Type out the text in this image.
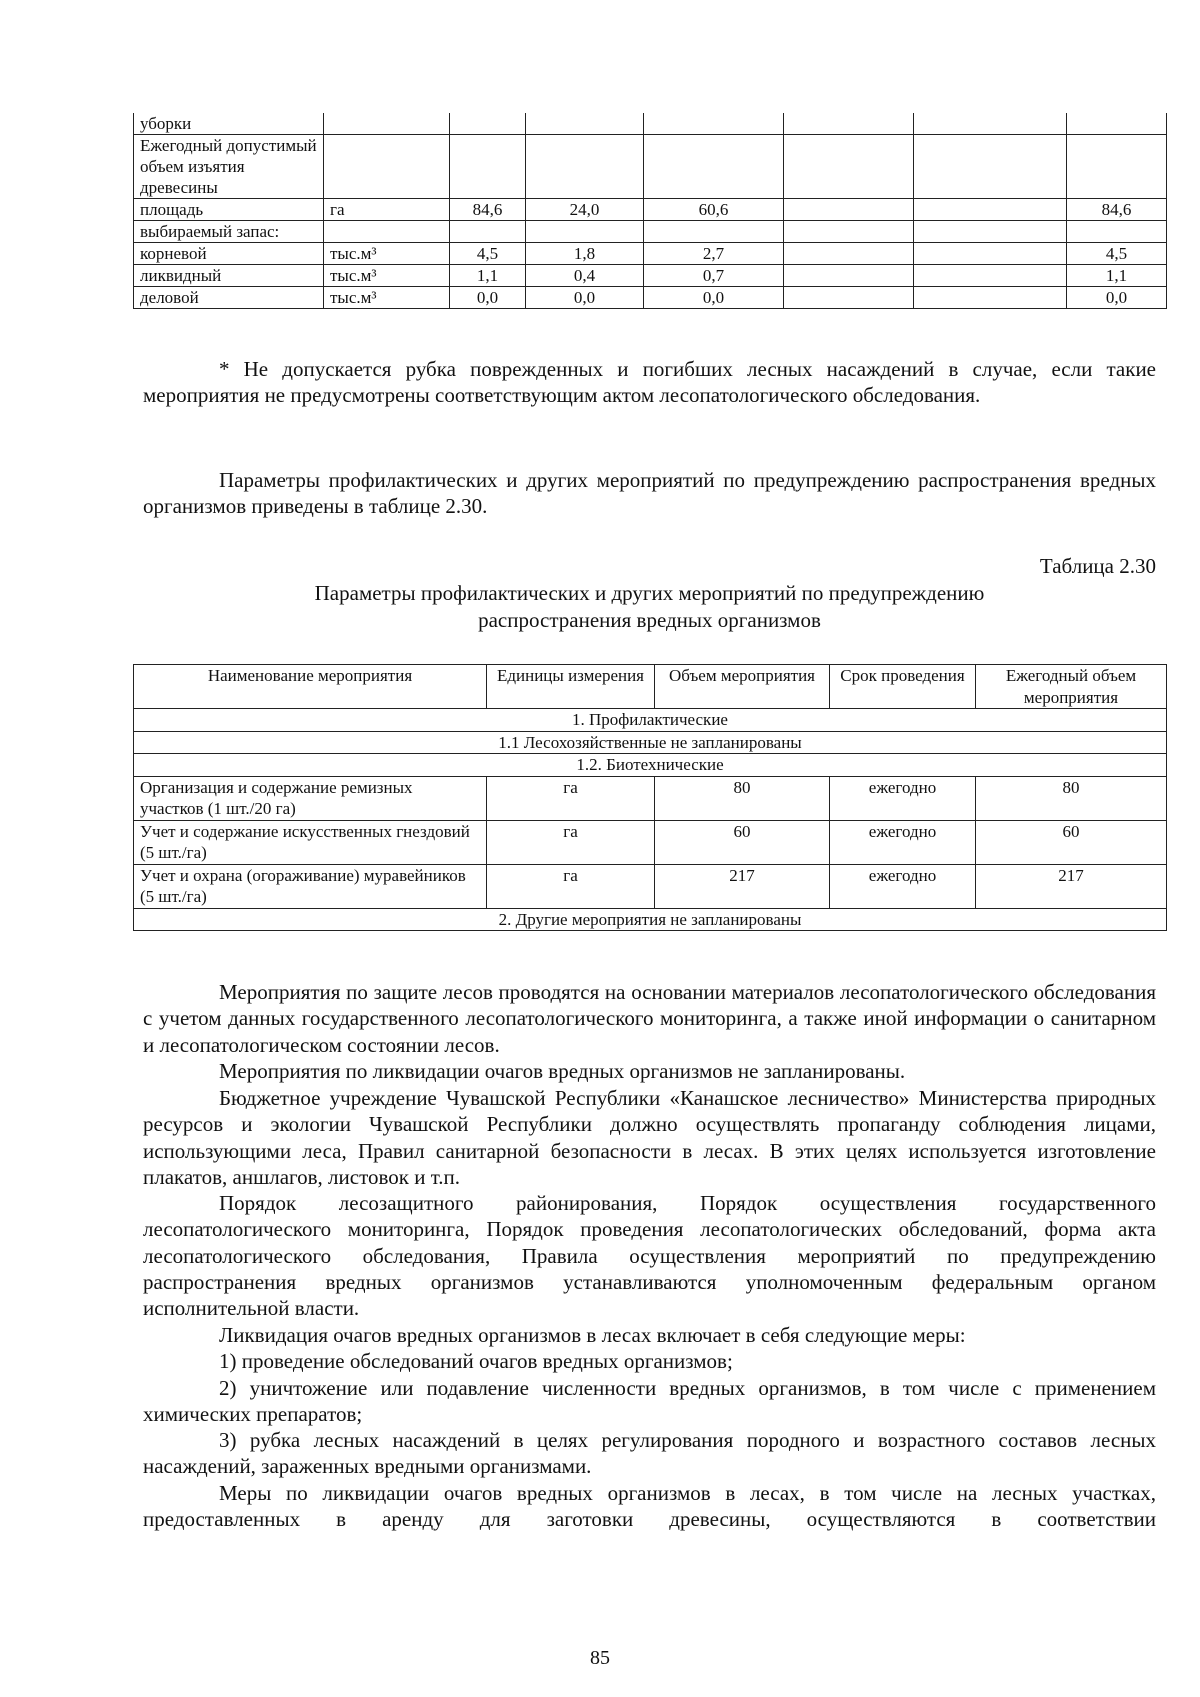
уборки							
Ежегодный допустимый объем изъятия древесины							
площадь	га	84,6	24,0	60,6			84,6
выбираемый запас:							
корневой	тыс.м³	4,5	1,8	2,7			4,5
ликвидный	тыс.м³	1,1	0,4	0,7			1,1
деловой	тыс.м³	0,0	0,0	0,0			0,0
* Не допускается рубка поврежденных и погибших лесных насаждений в случае, если такие мероприятия не предусмотрены соответствующим актом лесопатологического обследования.
Параметры профилактических и других мероприятий по предупреждению распространения вредных организмов приведены в таблице 2.30.
Таблица 2.30
Параметры профилактических и других мероприятий по предупреждению
распространения вредных организмов
Наименование мероприятия	Единицы измерения	Объем мероприятия	Срок проведения	Ежегодный объем мероприятия
1. Профилактические				
1.1 Лесохозяйственные не запланированы				
1.2. Биотехнические				
Организация и содержание ремизных участков (1 шт./20 га)	га	80	ежегодно	80
Учет и содержание искусственных гнездовий (5 шт./га)	га	60	ежегодно	60
Учет и охрана (огораживание) муравейников (5 шт./га)	га	217	ежегодно	217
2. Другие мероприятия не запланированы				
Мероприятия по защите лесов проводятся на основании материалов лесопатологического обследования с учетом данных государственного лесопатологического мониторинга, а также иной информации о санитарном и лесопатологическом состоянии лесов.
Мероприятия по ликвидации очагов вредных организмов не запланированы.
Бюджетное учреждение Чувашской Республики «Канашское лесничество» Министерства природных ресурсов и экологии Чувашской Республики должно осуществлять пропаганду соблюдения лицами, использующими леса, Правил санитарной безопасности в лесах. В этих целях используется изготовление плакатов, аншлагов, листовок и т.п.
Порядок лесозащитного районирования, Порядок осуществления государственного лесопатологического мониторинга, Порядок проведения лесопатологических обследований, форма акта лесопатологического обследования, Правила осуществления мероприятий по предупреждению распространения вредных организмов устанавливаются уполномоченным федеральным органом исполнительной власти.
Ликвидация очагов вредных организмов в лесах включает в себя следующие меры:
1) проведение обследований очагов вредных организмов;
2) уничтожение или подавление численности вредных организмов, в том числе с применением химических препаратов;
3) рубка лесных насаждений в целях регулирования породного и возрастного составов лесных насаждений, зараженных вредными организмами.
Меры по ликвидации очагов вредных организмов в лесах, в том числе на лесных участках, предоставленных в аренду для заготовки древесины, осуществляются в соответствии
85
